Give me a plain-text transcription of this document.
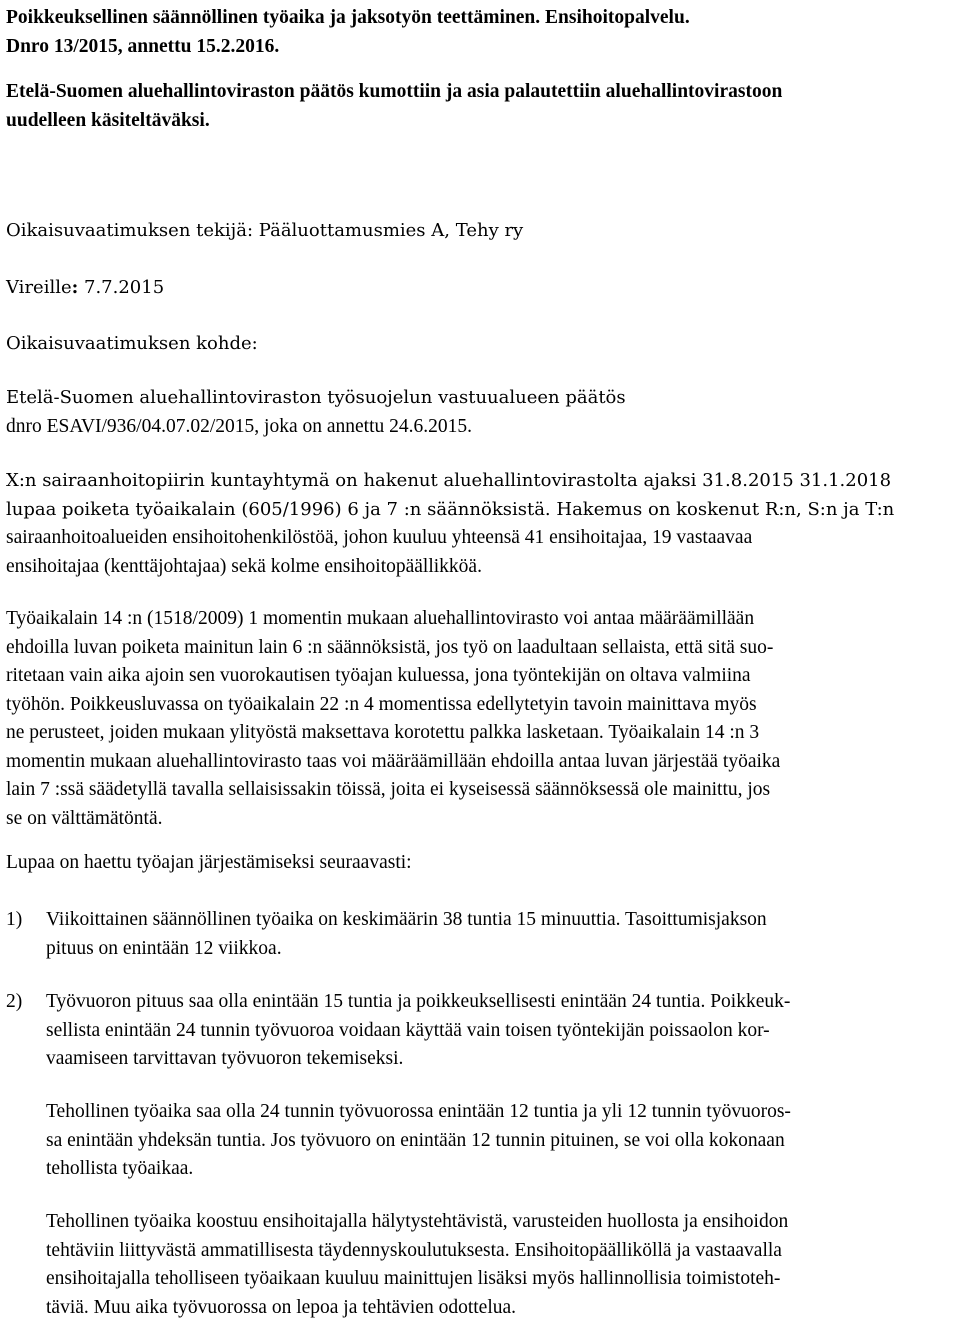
Poikkeuksellinen säännöllinen työaika ja jaksotyön teettäminen. Ensihoitopalvelu.
Dnro 13/2015, annettu 15.2.2016.
Etelä-Suomen aluehallintoviraston päätös kumottiin ja asia palautettiin aluehallintovirastoon
uudelleen käsiteltäväksi.
Oikaisuvaatimuksen tekijä: Pääluottamusmies A, Tehy ry
Vireille: 7.7.2015
Oikaisuvaatimuksen kohde:
Etelä-Suomen aluehallintoviraston työsuojelun vastuualueen päätös
dnro ESAVI/936/04.07.02/2015, joka on annettu 24.6.2015.
X:n sairaanhoitopiirin kuntayhtymä on hakenut aluehallintovirastolta ajaksi 31.8.2015 31.1.2018
lupaa poiketa työaikalain (605/1996) 6 ja 7 :n säännöksistä. Hakemus on koskenut R:n, S:n ja T:n
sairaanhoitoalueiden ensihoitohenkilöstöä, johon kuuluu yhteensä 41 ensihoitajaa, 19 vastaavaa
ensihoitajaa (kenttäjohtajaa) sekä kolme ensihoitopäällikköä.
Työaikalain 14 :n (1518/2009) 1 momentin mukaan aluehallintovirasto voi antaa määräämillään
ehdoilla luvan poiketa mainitun lain 6 :n säännöksistä, jos työ on laadultaan sellaista, että sitä suo-
ritetaan vain aika ajoin sen vuorokautisen työajan kuluessa, jona työntekijän on oltava valmiina
työhön. Poikkeusluvassa on työaikalain 22 :n 4 momentissa edellytetyin tavoin mainittava myös
ne perusteet, joiden mukaan ylityöstä maksettava korotettu palkka lasketaan. Työaikalain 14 :n 3
momentin mukaan aluehallintovirasto taas voi määräämillään ehdoilla antaa luvan järjestää työaika
lain 7 :ssä säädetyllä tavalla sellaisissakin töissä, joita ei kyseisessä säännöksessä ole mainittu, jos
se on välttämätöntä.
Lupaa on haettu työajan järjestämiseksi seuraavasti:
1) Viikoittainen säännöllinen työaika on keskimäärin 38 tuntia 15 minuuttia. Tasoittumisjakson
pituus on enintään 12 viikkoa.
2) Työvuoron pituus saa olla enintään 15 tuntia ja poikkeuksellisesti enintään 24 tuntia. Poikkeuk-
sellista enintään 24 tunnin työvuoroa voidaan käyttää vain toisen työntekijän poissaolon kor-
vaamiseen tarvittavan työvuoron tekemiseksi.
Tehollinen työaika saa olla 24 tunnin työvuorossa enintään 12 tuntia ja yli 12 tunnin työvuoros-
sa enintään yhdeksän tuntia. Jos työvuoro on enintään 12 tunnin pituinen, se voi olla kokonaan
tehollista työaikaa.
Tehollinen työaika koostuu ensihoitajalla hälytystehtävistä, varusteiden huollosta ja ensihoidon
tehtäviin liittyvästä ammatillisesta täydennyskoulutuksesta. Ensihoitopäälliköllä ja vastaavalla
ensihoitajalla teholliseen työaikaan kuuluu mainittujen lisäksi myös hallinnollisia toimistoteh-
täviä. Muu aika työvuorossa on lepoa ja tehtävien odottelua.
